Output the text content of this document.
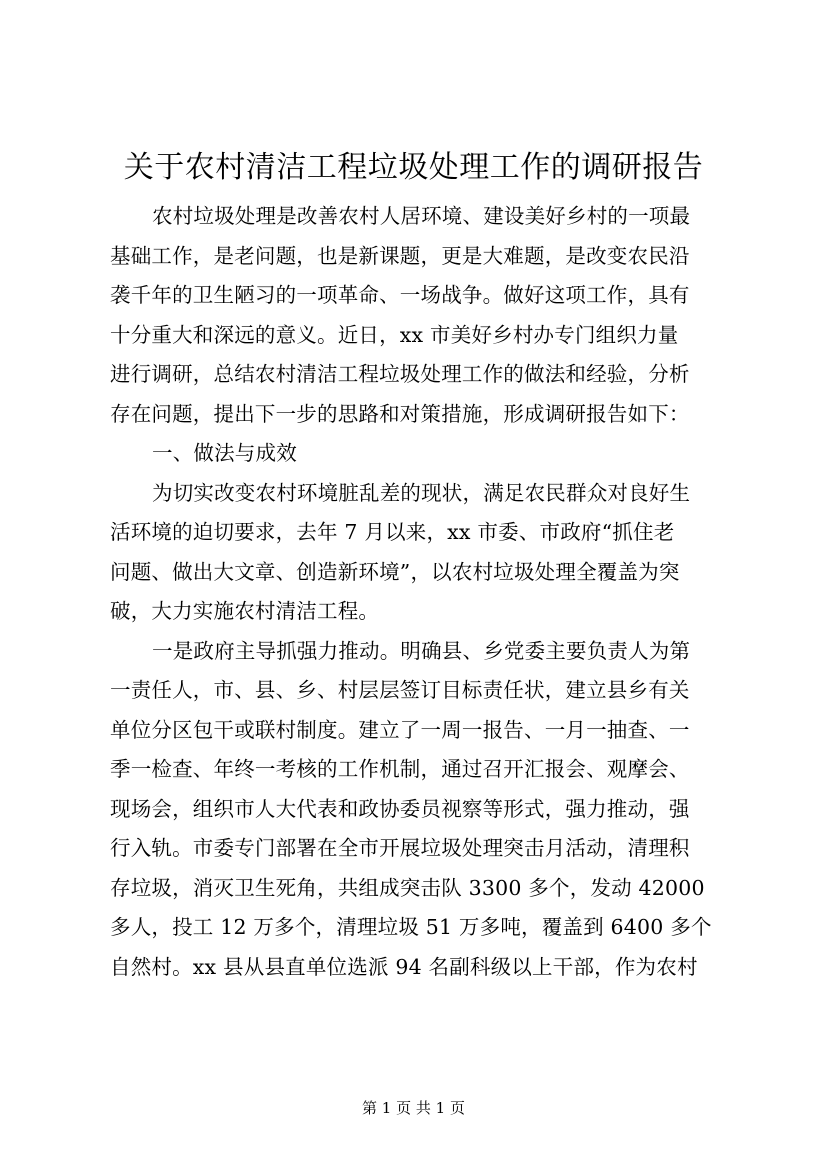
关于农村清洁工程垃圾处理工作的调研报告
农村垃圾处理是改善农村人居环境、建设美好乡村的一项最
基础工作，是老问题，也是新课题，更是大难题，是改变农民沿
袭千年的卫生陋习的一项革命、一场战争。做好这项工作，具有
十分重大和深远的意义。近日，xx 市美好乡村办专门组织力量
进行调研，总结农村清洁工程垃圾处理工作的做法和经验，分析
存在问题，提出下一步的思路和对策措施，形成调研报告如下：
一、做法与成效
为切实改变农村环境脏乱差的现状，满足农民群众对良好生
活环境的迫切要求，去年 7 月以来，xx 市委、市政府“抓住老
问题、做出大文章、创造新环境”，以农村垃圾处理全覆盖为突
破，大力实施农村清洁工程。
一是政府主导抓强力推动。明确县、乡党委主要负责人为第
一责任人，市、县、乡、村层层签订目标责任状，建立县乡有关
单位分区包干或联村制度。建立了一周一报告、一月一抽查、一
季一检查、年终一考核的工作机制，通过召开汇报会、观摩会、
现场会，组织市人大代表和政协委员视察等形式，强力推动，强
行入轨。市委专门部署在全市开展垃圾处理突击月活动，清理积
存垃圾，消灭卫生死角，共组成突击队 3300 多个，发动 42000
多人，投工 12 万多个，清理垃圾 51 万多吨，覆盖到 6400 多个
自然村。xx 县从县直单位选派 94 名副科级以上干部，作为农村
第 1 页 共 1 页
